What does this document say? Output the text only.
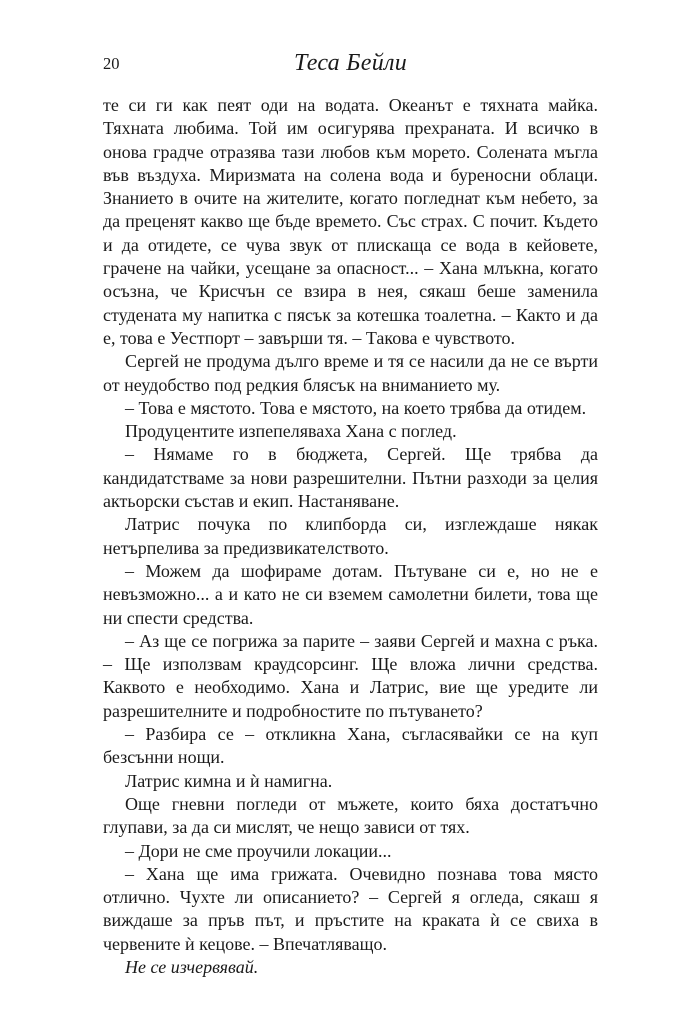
20	Теса Бейли

те си ги как пеят оди на водата. Океанът е тяхната майка. Тяхната любима. Той им осигурява прехраната. И всичко в онова градче отразява тази любов към морето. Солената мъгла във въздуха. Миризмата на солена вода и буреносни облаци. Знанието в очите на жителите, когато погледнат към небето, за да преценят какво ще бъде времето. Със страх. С почит. Където и да отидете, се чува звук от плискаща се вода в кейовете, грачене на чайки, усещане за опасност... – Хана млъкна, когато осъзна, че Крисчън се взира в нея, сякаш беше заменила студената му напитка с пясък за котешка тоалетна. – Както и да е, това е Уестпорт – завърши тя. – Такова е чувството.

Сергей не продума дълго време и тя се насили да не се върти от неудобство под редкия блясък на вниманието му.

– Това е мястото. Това е мястото, на което трябва да отидем.

Продуцентите изпепеляваха Хана с поглед.

– Нямаме го в бюджета, Сергей. Ще трябва да кандидатстваме за нови разрешителни. Пътни разходи за целия актьорски състав и екип. Настаняване.

Латрис почука по клипборда си, изглеждаше някак нетърпелива за предизвикателството.

– Можем да шофираме дотам. Пътуване си е, но не е невъзможно... а и като не си вземем самолетни билети, това ще ни спести средства.

– Аз ще се погрижа за парите – заяви Сергей и махна с ръка. – Ще използвам краудсорсинг. Ще вложа лични средства. Каквото е необходимо. Хана и Латрис, вие ще уредите ли разрешителните и подробностите по пътуването?

– Разбира се – откликна Хана, съгласявайки се на куп безсънни нощи.

Латрис кимна и ѝ намигна.

Още гневни погледи от мъжете, които бяха достатъчно глупави, за да си мислят, че нещо зависи от тях.

– Дори не сме проучили локации...

– Хана ще има грижата. Очевидно познава това място отлично. Чухте ли описанието? – Сергей я огледа, сякаш я виждаше за пръв път, и пръстите на краката ѝ се свиха в червените ѝ кецове. – Впечатляващо.

Не се изчервявай.
